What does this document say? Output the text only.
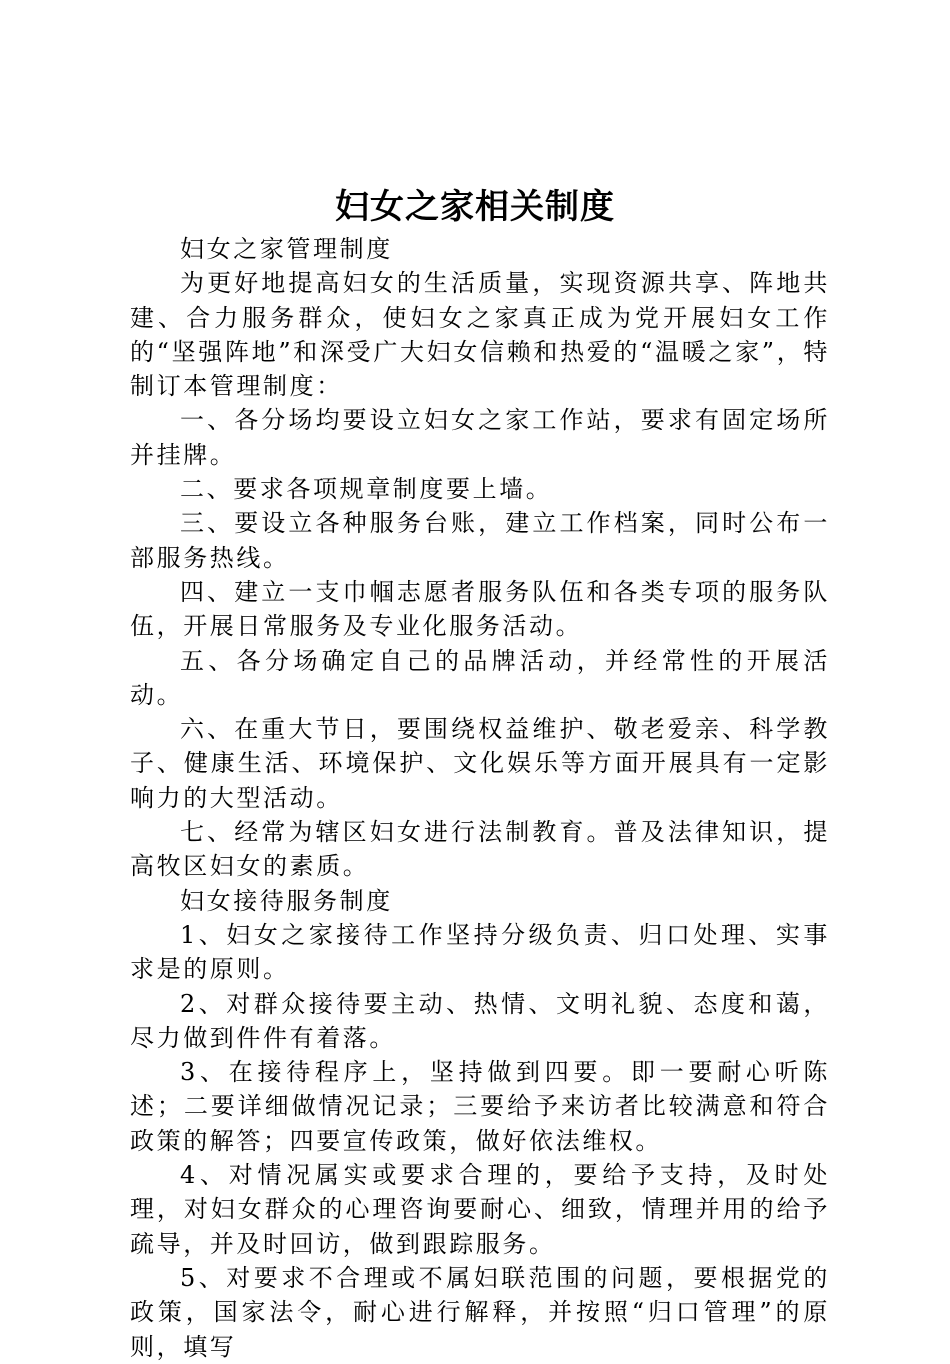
妇女之家相关制度

妇女之家管理制度

为更好地提高妇女的生活质量，实现资源共享、阵地共建、合力服务群众，使妇女之家真正成为党开展妇女工作的“坚强阵地”和深受广大妇女信赖和热爱的“温暖之家”，特制订本管理制度：

一、各分场均要设立妇女之家工作站，要求有固定场所并挂牌。

二、要求各项规章制度要上墙。

三、要设立各种服务台账，建立工作档案，同时公布一部服务热线。

四、建立一支巾帼志愿者服务队伍和各类专项的服务队伍，开展日常服务及专业化服务活动。

五、各分场确定自己的品牌活动，并经常性的开展活动。

六、在重大节日，要围绕权益维护、敬老爱亲、科学教子、健康生活、环境保护、文化娱乐等方面开展具有一定影响力的大型活动。

七、经常为辖区妇女进行法制教育。普及法律知识，提高牧区妇女的素质。

妇女接待服务制度

1、妇女之家接待工作坚持分级负责、归口处理、实事求是的原则。

2、对群众接待要主动、热情、文明礼貌、态度和蔼，尽力做到件件有着落。

3、在接待程序上，坚持做到四要。即一要耐心听陈述；二要详细做情况记录；三要给予来访者比较满意和符合政策的解答；四要宣传政策，做好依法维权。

4、对情况属实或要求合理的，要给予支持，及时处理，对妇女群众的心理咨询要耐心、细致，情理并用的给予疏导，并及时回访，做到跟踪服务。

5、对要求不合理或不属妇联范围的问题，要根据党的政策，国家法令，耐心进行解释，并按照“归口管理”的原则，填写
